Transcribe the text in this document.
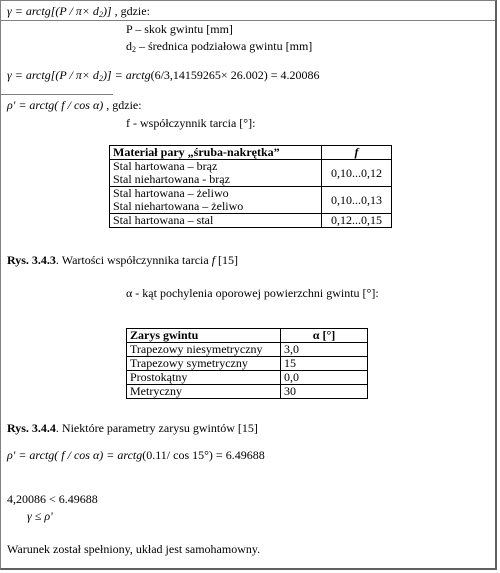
γ = arctg[(P / $\pi\times d_2$)] , gdzie:
P – skok gwintu [mm]
$d_2$ – średnica podziałowa gwintu [mm]
γ = arctg[(P / $\pi\times d_2$)] = arctg(6/3,14159265× 26.002) = 4.20086
ρ' = arctg( f / cos α) , gdzie:
f - współczynnik tarcia [°]:
Materiał pary „śruba-nakrętka”	f

Stal hartowana – brąz
Stal niehartowana - brąz	0,10...0,12

Stal hartowana – żeliwo
Stal niehartowana – żeliwo	0,10...0,13

Stal hartowana – stal	0,12...0,15
Rys. 3.4.3. Wartości współczynnika tarcia f [15]
α - kąt pochylenia oporowej powierzchni gwintu [°]:
Zarys gwintu	α [°]
Trapezowy niesymetryczny	3,0
Trapezowy symetryczny	15
Prostokątny	0,0
Metryczny	30
Rys. 3.4.4. Niektóre parametry zarysu gwintów [15]
ρ' = arctg( f / cos α) = arctg(0.11/ cos 15°) = 6.49688
4,20086 < 6.49688
γ ≤ ρ'
Warunek został spełniony, układ jest samohamowny.
